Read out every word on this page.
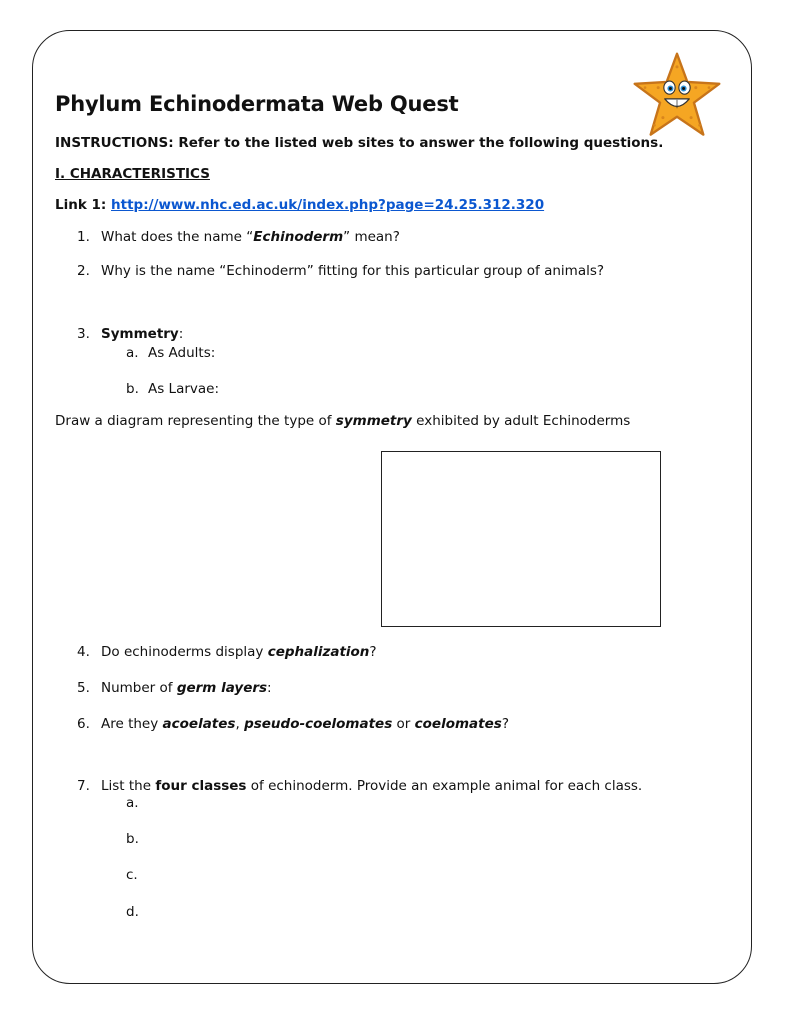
Phylum Echinodermata Web Quest
INSTRUCTIONS: Refer to the listed web sites to answer the following questions.
I. CHARACTERISTICS
Link 1: http://www.nhc.ed.ac.uk/index.php?page=24.25.312.320
1. What does the name “Echinoderm” mean?
2. Why is the name “Echinoderm” fitting for this particular group of animals?
3. Symmetry:
a. As Adults:
b. As Larvae:
Draw a diagram representing the type of symmetry exhibited by adult Echinoderms
4. Do echinoderms display cephalization?
5. Number of germ layers:
6. Are they acoelates, pseudo-coelomates or coelomates?
7. List the four classes of echinoderm. Provide an example animal for each class.
a.
b.
c.
d.
